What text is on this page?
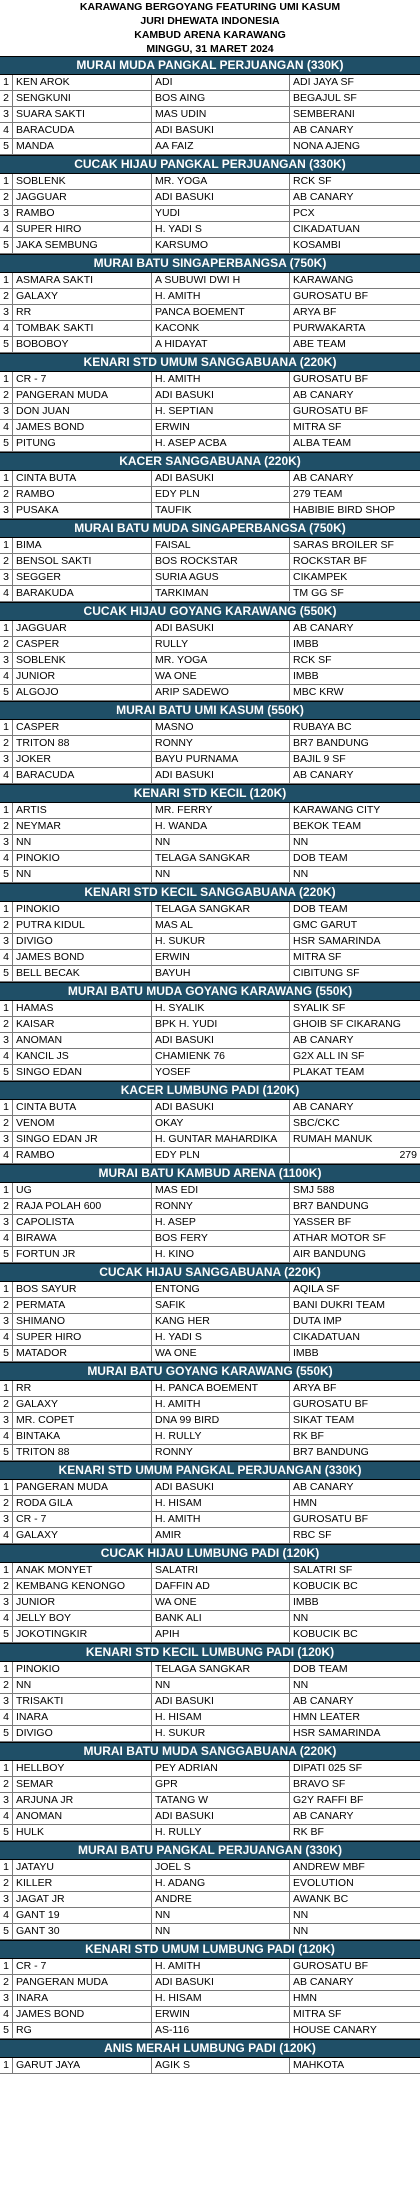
KARAWANG BERGOYANG FEATURING UMI KASUM
JURI DHEWATA INDONESIA
KAMBUD ARENA KARAWANG
MINGGU, 31 MARET 2024
MURAI MUDA PANGKAL PERJUANGAN (330K)
1 KEN AROK	ADI	ADI JAYA SF
2 SENGKUNI	BOS AING	BEGAJUL SF
3 SUARA SAKTI	MAS UDIN	SEMBERANI
4 BARACUDA	ADI BASUKI	AB CANARY
5 MANDA	AA FAIZ	NONA AJENG
CUCAK HIJAU PANGKAL PERJUANGAN (330K)
1 SOBLENK	MR. YOGA	RCK SF
2 JAGGUAR	ADI BASUKI	AB CANARY
3 RAMBO	YUDI	PCX
4 SUPER HIRO	H. YADI S	CIKADATUAN
5 JAKA SEMBUNG	KARSUMO	KOSAMBI
MURAI BATU SINGAPERBANGSA (750K)
1 ASMARA SAKTI	A SUBUWI DWI H	KARAWANG
2 GALAXY	H. AMITH	GUROSATU BF
3 RR	PANCA BOEMENT	ARYA BF
4 TOMBAK SAKTI	KACONK	PURWAKARTA
5 BOBOBOY	A HIDAYAT	ABE TEAM
KENARI STD UMUM SANGGABUANA (220K)
1 CR - 7	H. AMITH	GUROSATU BF
2 PANGERAN MUDA	ADI BASUKI	AB CANARY
3 DON JUAN	H. SEPTIAN	GUROSATU BF
4 JAMES BOND	ERWIN	MITRA SF
5 PITUNG	H. ASEP ACBA	ALBA TEAM
KACER SANGGABUANA (220K)
1 CINTA BUTA	ADI BASUKI	AB CANARY
2 RAMBO	EDY PLN	279 TEAM
3 PUSAKA	TAUFIK	HABIBIE BIRD SHOP
MURAI BATU MUDA SINGAPERBANGSA (750K)
1 BIMA	FAISAL	SARAS BROILER SF
2 BENSOL SAKTI	BOS ROCKSTAR	ROCKSTAR BF
3 SEGGER	SURIA AGUS	CIKAMPEK
4 BARAKUDA	TARKIMAN	TM GG SF
CUCAK HIJAU GOYANG KARAWANG (550K)
1 JAGGUAR	ADI BASUKI	AB CANARY
2 CASPER	RULLY	IMBB
3 SOBLENK	MR. YOGA	RCK SF
4 JUNIOR	WA ONE	IMBB
5 ALGOJO	ARIP SADEWO	MBC KRW
MURAI BATU UMI KASUM (550K)
1 CASPER	MASNO	RUBAYA BC
2 TRITON 88	RONNY	BR7 BANDUNG
3 JOKER	BAYU PURNAMA	BAJIL 9 SF
4 BARACUDA	ADI BASUKI	AB CANARY
KENARI STD KECIL (120K)
1 ARTIS	MR. FERRY	KARAWANG CITY
2 NEYMAR	H. WANDA	BEKOK TEAM
3 NN	NN	NN
4 PINOKIO	TELAGA SANGKAR	DOB TEAM
5 NN	NN	NN
KENARI STD KECIL SANGGABUANA (220K)
1 PINOKIO	TELAGA SANGKAR	DOB TEAM
2 PUTRA KIDUL	MAS AL	GMC GARUT
3 DIVIGO	H. SUKUR	HSR SAMARINDA
4 JAMES BOND	ERWIN	MITRA SF
5 BELL BECAK	BAYUH	CIBITUNG SF
MURAI BATU MUDA GOYANG KARAWANG (550K)
1 HAMAS	H. SYALIK	SYALIK SF
2 KAISAR	BPK H. YUDI	GHOIB SF CIKARANG
3 ANOMAN	ADI BASUKI	AB CANARY
4 KANCIL JS	CHAMIENK 76	G2X ALL IN SF
5 SINGO EDAN	YOSEF	PLAKAT TEAM
KACER LUMBUNG PADI (120K)
1 CINTA BUTA	ADI BASUKI	AB CANARY
2 VENOM	OKAY	SBC/CKC
3 SINGO EDAN JR	H. GUNTAR MAHARDIKA	RUMAH MANUK
4 RAMBO	EDY PLN	279
MURAI BATU KAMBUD ARENA (1100K)
1 UG	MAS EDI	SMJ 588
2 RAJA POLAH 600	RONNY	BR7 BANDUNG
3 CAPOLISTA	H. ASEP	YASSER BF
4 BIRAWA	BOS FERY	ATHAR MOTOR SF
5 FORTUN JR	H. KINO	AIR BANDUNG
CUCAK HIJAU SANGGABUANA (220K)
1 BOS SAYUR	ENTONG	AQILA SF
2 PERMATA	SAFIK	BANI DUKRI TEAM
3 SHIMANO	KANG HER	DUTA IMP
4 SUPER HIRO	H. YADI S	CIKADATUAN
5 MATADOR	WA ONE	IMBB
MURAI BATU GOYANG KARAWANG (550K)
1 RR	H. PANCA BOEMENT	ARYA BF
2 GALAXY	H. AMITH	GUROSATU BF
3 MR. COPET	DNA 99 BIRD	SIKAT TEAM
4 BINTAKA	H. RULLY	RK BF
5 TRITON 88	RONNY	BR7 BANDUNG
KENARI STD UMUM PANGKAL PERJUANGAN (330K)
1 PANGERAN MUDA	ADI BASUKI	AB CANARY
2 RODA GILA	H. HISAM	HMN
3 CR - 7	H. AMITH	GUROSATU BF
4 GALAXY	AMIR	RBC SF
CUCAK HIJAU LUMBUNG PADI (120K)
1 ANAK MONYET	SALATRI	SALATRI SF
2 KEMBANG KENONGO	DAFFIN AD	KOBUCIK BC
3 JUNIOR	WA ONE	IMBB
4 JELLY BOY	BANK ALI	NN
5 JOKOTINGKIR	APIH	KOBUCIK BC
KENARI STD KECIL LUMBUNG PADI (120K)
1 PINOKIO	TELAGA SANGKAR	DOB TEAM
2 NN	NN	NN
3 TRISAKTI	ADI BASUKI	AB CANARY
4 INARA	H. HISAM	HMN LEATER
5 DIVIGO	H. SUKUR	HSR SAMARINDA
MURAI BATU MUDA SANGGABUANA (220K)
1 HELLBOY	PEY ADRIAN	DIPATI 025 SF
2 SEMAR	GPR	BRAVO SF
3 ARJUNA JR	TATANG W	G2Y RAFFI BF
4 ANOMAN	ADI BASUKI	AB CANARY
5 HULK	H. RULLY	RK BF
MURAI BATU PANGKAL PERJUANGAN (330K)
1 JATAYU	JOEL S	ANDREW MBF
2 KILLER	H. ADANG	EVOLUTION
3 JAGAT JR	ANDRE	AWANK BC
4 GANT 19	NN	NN
5 GANT 30	NN	NN
KENARI STD UMUM LUMBUNG PADI (120K)
1 CR - 7	H. AMITH	GUROSATU BF
2 PANGERAN MUDA	ADI BASUKI	AB CANARY
3 INARA	H. HISAM	HMN
4 JAMES BOND	ERWIN	MITRA SF
5 RG	AS-116	HOUSE CANARY
ANIS MERAH LUMBUNG PADI (120K)
1 GARUT JAYA	AGIK S	MAHKOTA
